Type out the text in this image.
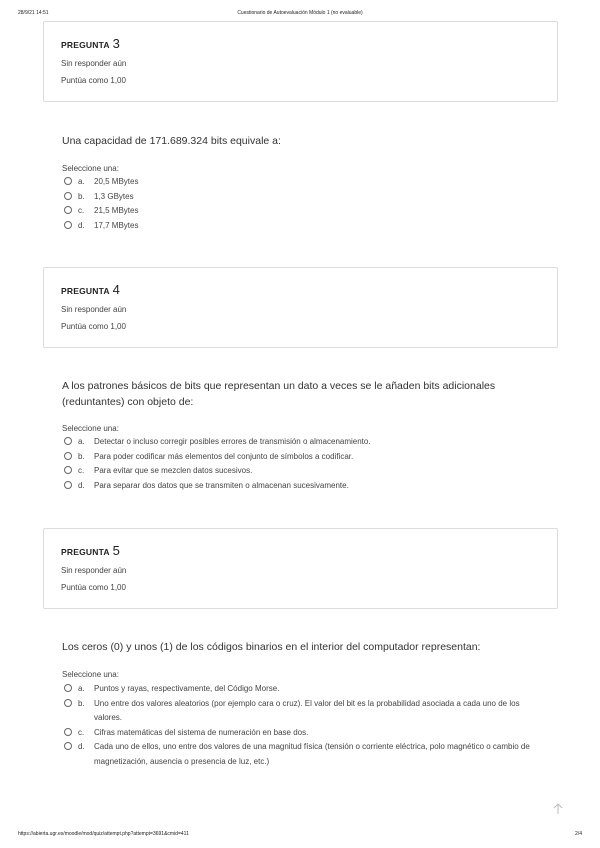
28/9/21 14:51	Cuestionario de Autoevaluación Módulo 1 (no evaluable)
PREGUNTA 3
Sin responder aún
Puntúa como 1,00
Una capacidad de 171.689.324 bits equivale a:
Seleccione una:
a.	20,5 MBytes
b.	1,3 GBytes
c.	21,5 MBytes
d.	17,7 MBytes
PREGUNTA 4
Sin responder aún
Puntúa como 1,00
A los patrones básicos de bits que representan un dato a veces se le añaden bits adicionales (reduntantes) con objeto de:
Seleccione una:
a.	Detectar o incluso corregir posibles errores de transmisión o almacenamiento.
b.	Para poder codificar más elementos del conjunto de símbolos a codificar.
c.	Para evitar que se mezclen datos sucesivos.
d.	Para separar dos datos que se transmiten o almacenan sucesivamente.
PREGUNTA 5
Sin responder aún
Puntúa como 1,00
Los ceros (0) y unos (1) de los códigos binarios en el interior del computador representan:
Seleccione una:
a.	Puntos y rayas, respectivamente, del Código Morse.
b.	Uno entre dos valores aleatorios (por ejemplo cara o cruz). El valor del bit es la probabilidad asociada a cada uno de los valores.
c.	Cifras matemáticas del sistema de numeración en base dos.
d.	Cada uno de ellos, uno entre dos valores de una magnitud física (tensión o corriente eléctrica, polo magnético o cambio de magnetización, ausencia o presencia de luz, etc.)
https://abierta.ugr.es/moodle/mod/quiz/attempt.php?attempt=3691&cmid=411	2/4
